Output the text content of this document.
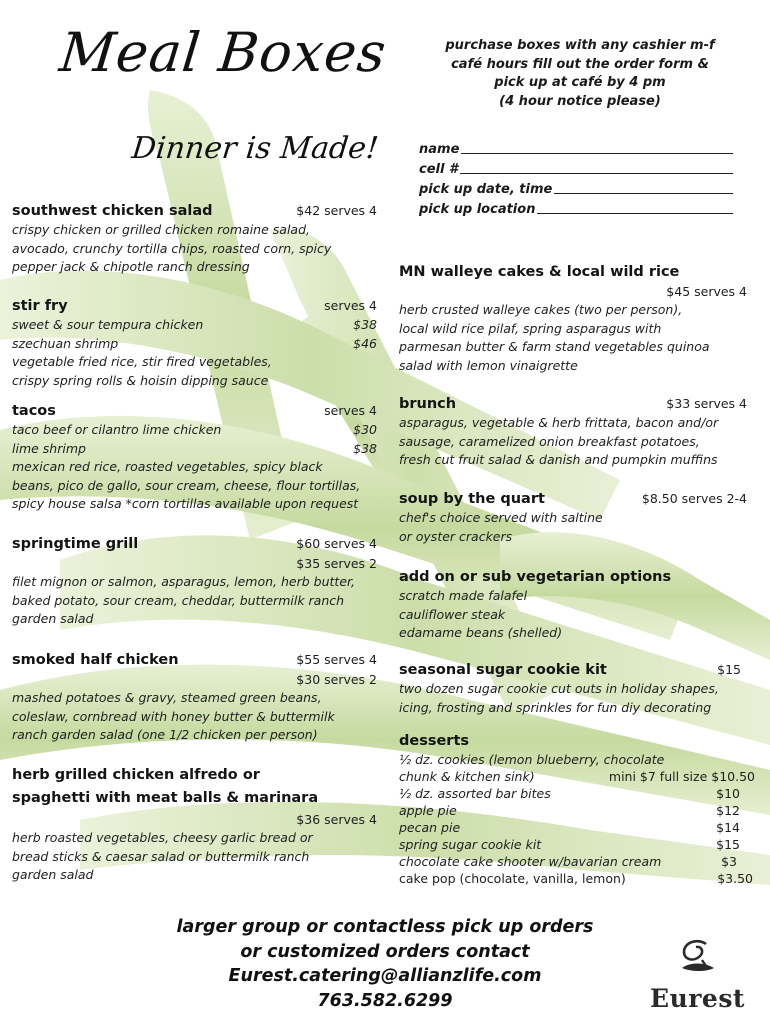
Meal Boxes
Dinner is Made!
purchase boxes with any cashier m-f
café hours fill out the order form &
pick up at café by 4 pm
(4 hour notice please)
name
cell #
pick up date, time
pick up location
southwest chicken salad	$42 serves 4
crispy chicken or grilled chicken romaine salad,
avocado, crunchy tortilla chips, roasted corn, spicy
pepper jack & chipotle ranch dressing
stir fry	serves 4
sweet & sour tempura chicken	$38
szechuan shrimp	$46
vegetable fried rice, stir fired vegetables,
crispy spring rolls & hoisin dipping sauce
tacos	serves 4
taco beef or cilantro lime chicken	$30
lime shrimp	$38
mexican red rice, roasted vegetables, spicy black
beans, pico de gallo, sour cream, cheese, flour tortillas,
spicy house salsa *corn tortillas available upon request
springtime grill	$60 serves 4
$35 serves 2
filet mignon or salmon, asparagus, lemon, herb butter,
baked potato, sour cream, cheddar, buttermilk ranch
garden salad
smoked half chicken	$55 serves 4
$30 serves 2
mashed potatoes & gravy, steamed green beans,
coleslaw, cornbread with honey butter & buttermilk
ranch garden salad (one 1/2 chicken per person)
herb grilled chicken alfredo or
spaghetti with meat balls & marinara
$36 serves 4
herb roasted vegetables, cheesy garlic bread or
bread sticks & caesar salad or buttermilk ranch
garden salad
MN walleye cakes & local wild rice
$45 serves 4
herb crusted walleye cakes (two per person),
local wild rice pilaf, spring asparagus with
parmesan butter & farm stand vegetables quinoa
salad with lemon vinaigrette
brunch	$33 serves 4
asparagus, vegetable & herb frittata, bacon and/or
sausage, caramelized onion breakfast potatoes,
fresh cut fruit salad & danish and pumpkin muffins
soup by the quart	$8.50 serves 2-4
chef's choice served with saltine
or oyster crackers
add on or sub vegetarian options
scratch made falafel
cauliflower steak
edamame beans (shelled)
seasonal sugar cookie kit	$15
two dozen sugar cookie cut outs in holiday shapes,
icing, frosting and sprinkles for fun diy decorating
desserts
½ dz. cookies (lemon blueberry, chocolate
chunk & kitchen sink)	mini $7 full size $10.50
½ dz. assorted bar bites	$10
apple pie	$12
pecan pie	$14
spring sugar cookie kit	$15
chocolate cake shooter w/bavarian cream	$3
cake pop (chocolate, vanilla, lemon)	$3.50
larger group or contactless pick up orders
or customized orders contact
Eurest.catering@allianzlife.com
763.582.6299	Eurest
